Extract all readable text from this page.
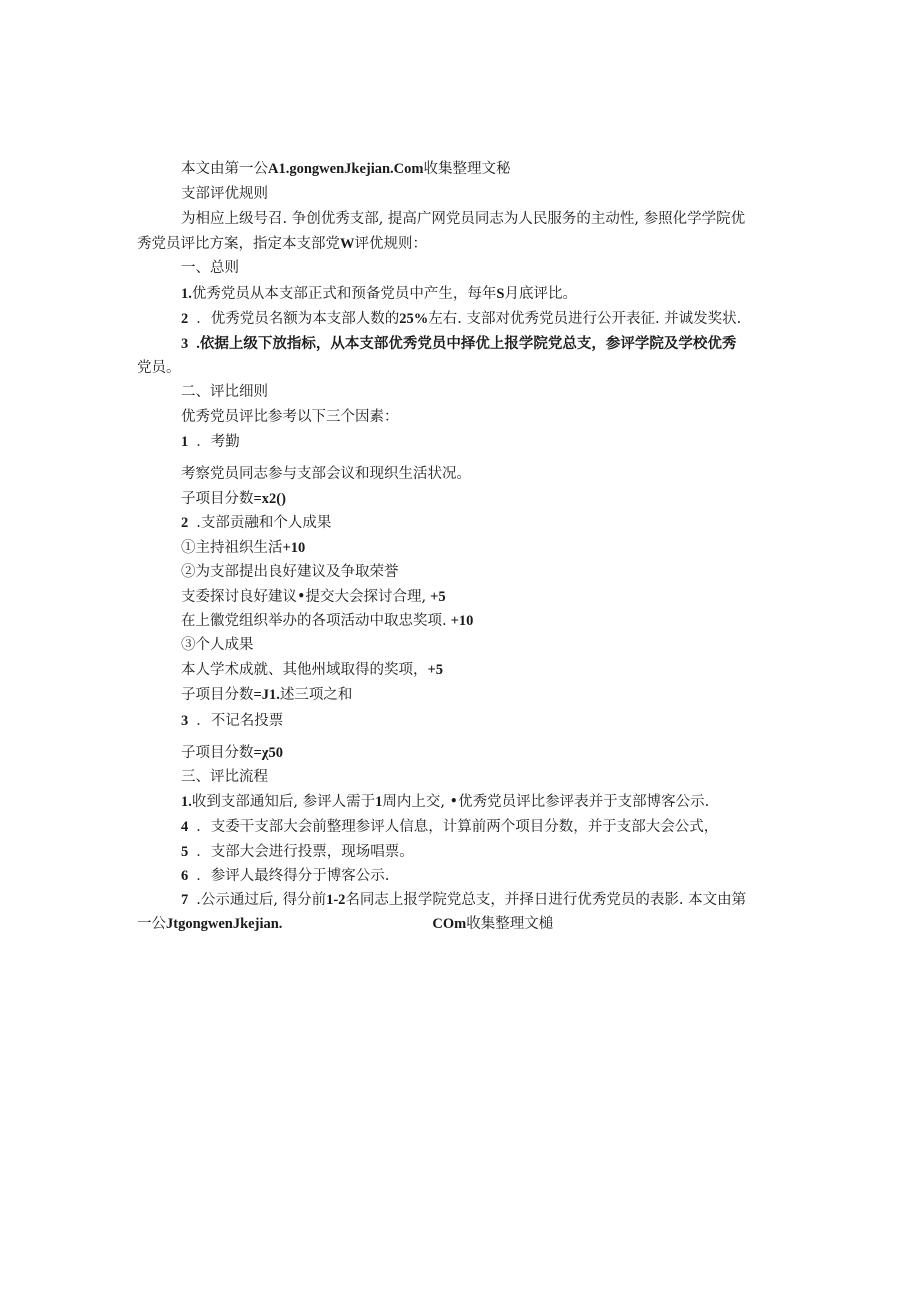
本文由第一公A1.gongwenJkejian.Com收集整理文秘
支部评优规则
为相应上级号召. 争创优秀支部, 提高广网党员同志为人民服务的主动性, 参照化学学院优
秀党员评比方案，指定本支部党W评优规则：
一、总则
1.优秀党员从本支部正式和预备党员中产生，每年S月底评比。
2 ．优秀党员名额为本支部人数的25%左右. 支部对优秀党员进行公开表征. 并诚发奖状.
3 .依据上级下放指标，从本支部优秀党员中择优上报学院党总支，参评学院及学校优秀
党员。
二、评比细则
优秀党员评比参考以下三个因素：
1 ．考勤
考察党员同志参与支部会议和现织生活状况。
子项目分数=x2()
2 .支部贡融和个人成果
①主持祖织生活+10
②为支部提出良好建议及争取荣誉
支委探讨良好建议•提交大会探讨合理, +5
在上徽党组织举办的各项活动中取忠奖项. +10
③个人成果
本人学术成就、其他州域取得的奖项，+5
子项目分数=J1.述三项之和
3 ．不记名投票
子项目分数=χ50
三、评比流程
1.收到支部通知后, 参评人需于1周内上交, •优秀党员评比参评表并于支部博客公示.
4 ．支委干支部大会前整理参评人信息，计算前两个项目分数，并于支部大会公式，
5 ．支部大会进行投票，现场唱票。
6 ．参评人最终得分于博客公示.
7 .公示通过后, 得分前1-2名同志上报学院党总支，并择日进行优秀党员的表影. 本文由第
一公JtgongwenJkejian.	COm收集整理文槌
